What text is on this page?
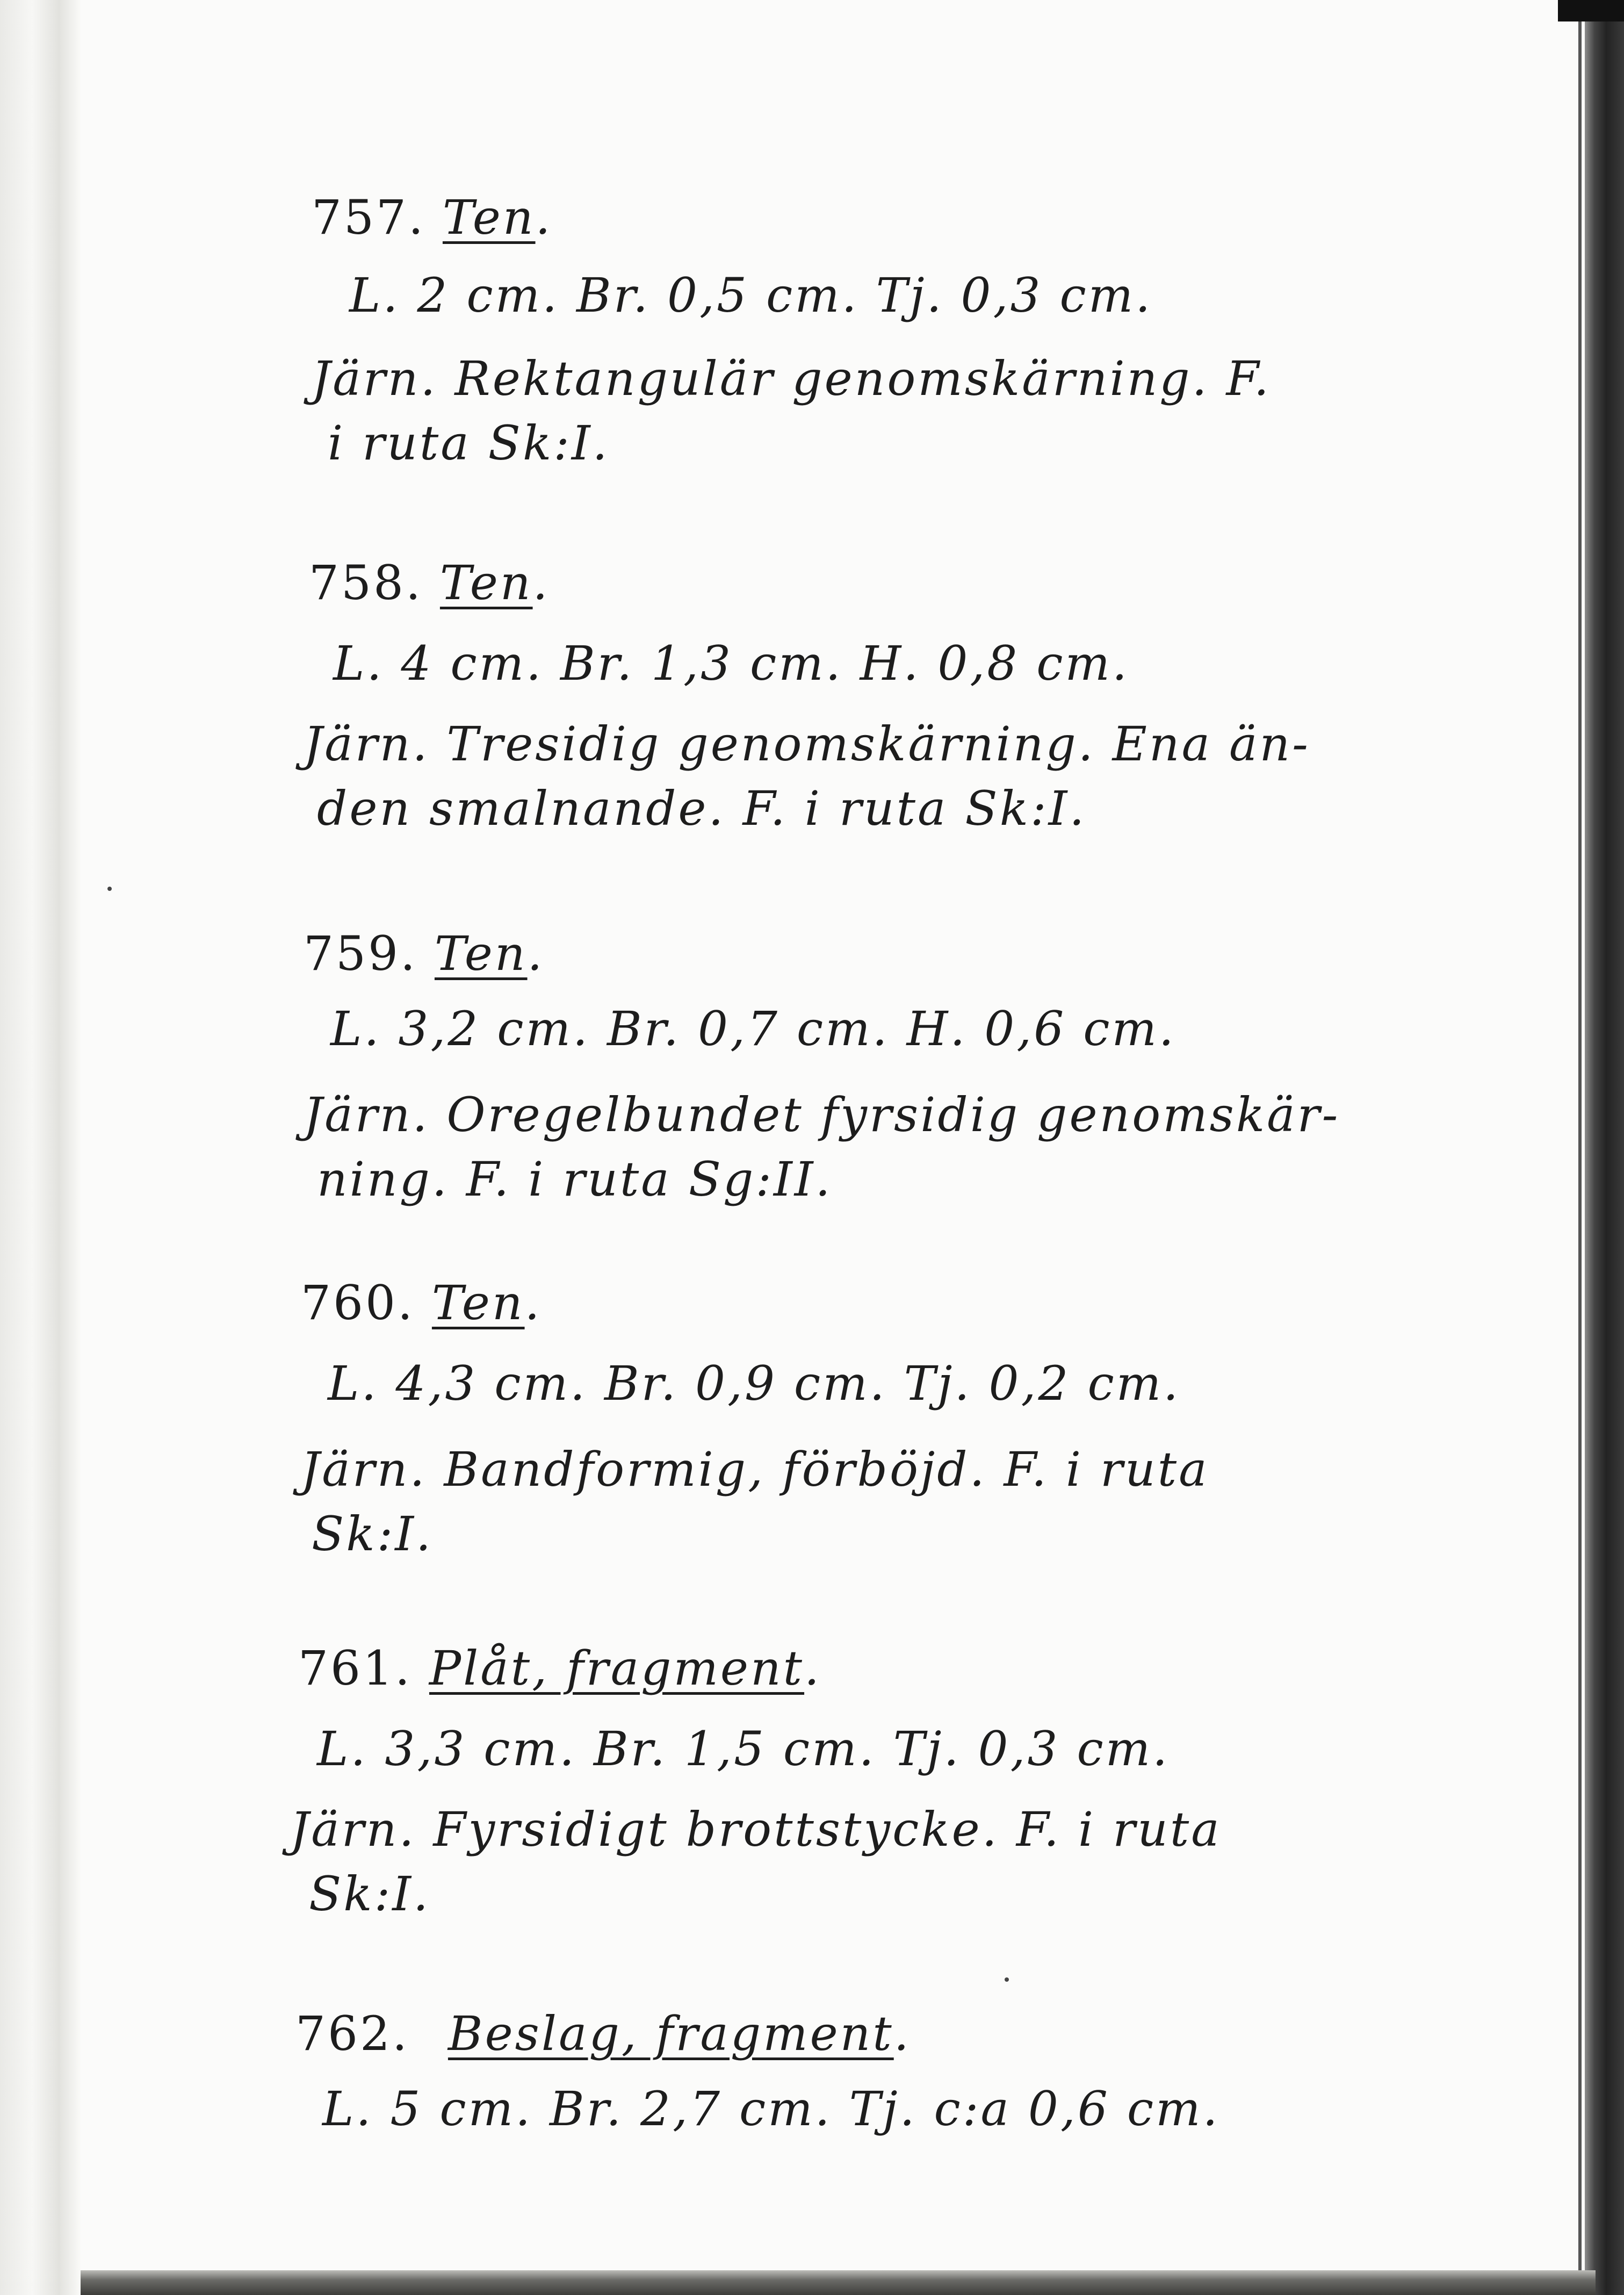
757. Ten.
L. 2 cm. Br. 0,5 cm. Tj. 0,3 cm.
Järn. Rektangulär genomskärning. F.
i ruta Sk:I.
758. Ten.
L. 4 cm. Br. 1,3 cm. H. 0,8 cm.
Järn. Tresidig genomskärning. Ena än-
den smalnande. F. i ruta Sk:I.
759. Ten.
L. 3,2 cm. Br. 0,7 cm. H. 0,6 cm.
Järn. Oregelbundet fyrsidig genomskär-
ning. F. i ruta Sg:II.
760. Ten.
L. 4,3 cm. Br. 0,9 cm. Tj. 0,2 cm.
Järn. Bandformig, förböjd. F. i ruta
Sk:I.
761. Plåt, fragment.
L. 3,3 cm. Br. 1,5 cm. Tj. 0,3 cm.
Järn. Fyrsidigt brottstycke. F. i ruta
Sk:I.
762. Beslag, fragment.
L. 5 cm. Br. 2,7 cm. Tj. c:a 0,6 cm.
